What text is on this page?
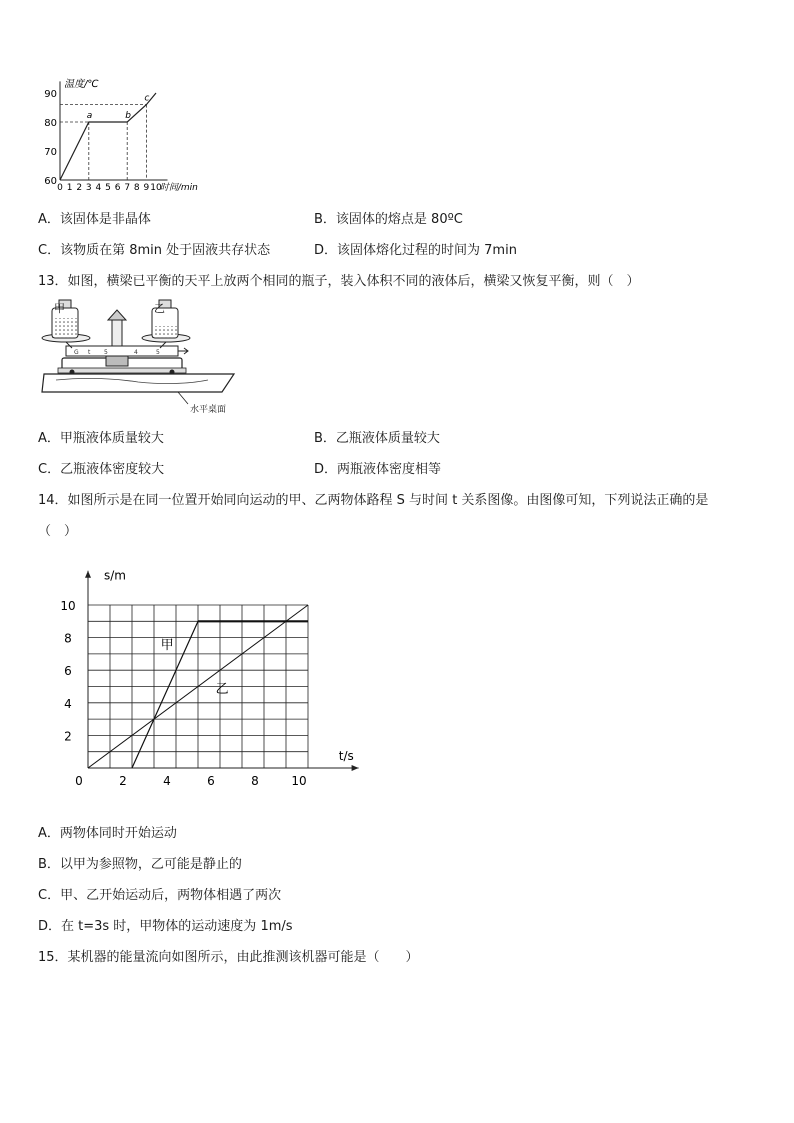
温度/℃
时间/min
60
70
80
90
0 1 2 3 4 5 6 7 8 9 10
a	b
c
A．该固体是非晶体	B．该固体的熔点是 80ºC
C．该物质在第 8min 处于固液共存状态	D．该固体熔化过程的时间为 7min
13．如图，横梁已平衡的天平上放两个相同的瓶子，装入体积不同的液体后，横梁又恢复平衡，则（　）
G t 5	4	5
甲	乙
水平桌面
A．甲瓶液体质量较大	B．乙瓶液体质量较大
C．乙瓶液体密度较大	D．两瓶液体密度相等
14．如图所示是在同一位置开始同向运动的甲、乙两物体路程 S 与时间 t 关系图像。由图像可知，下列说法正确的是
（　）
s/m
t/s
0	2	4	6	8	10
2
4
6
8
10
甲
乙
A．两物体同时开始运动
B．以甲为参照物，乙可能是静止的
C．甲、乙开始运动后，两物体相遇了两次
D．在 t=3s 时，甲物体的运动速度为 1m/s
15．某机器的能量流向如图所示，由此推测该机器可能是（　　）
